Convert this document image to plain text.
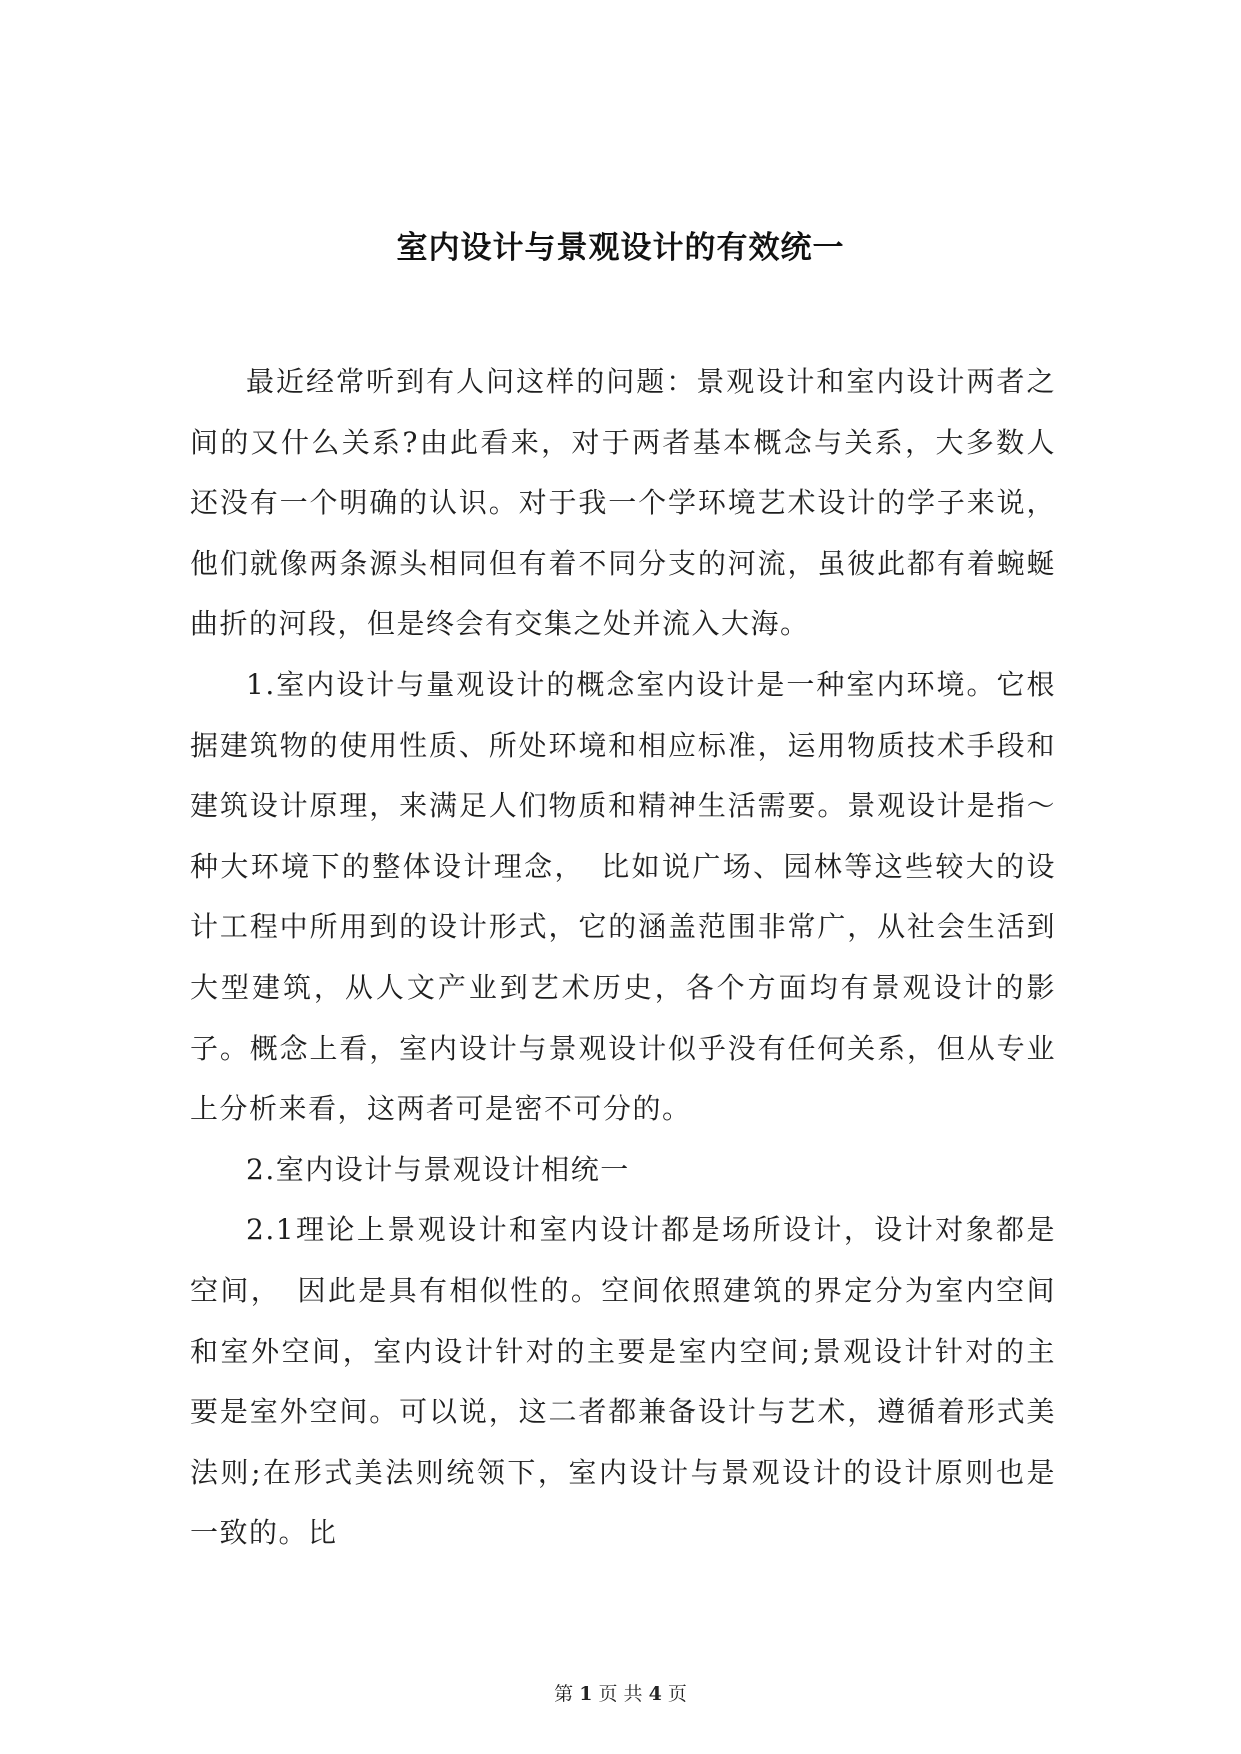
室内设计与景观设计的有效统一

最近经常听到有人问这样的问题：景观设计和室内设计两者之间的又什么关系?由此看来，对于两者基本概念与关系，大多数人还没有一个明确的认识。对于我一个学环境艺术设计的学子来说，他们就像两条源头相同但有着不同分支的河流，虽彼此都有着蜿蜒曲折的河段，但是终会有交集之处并流入大海。

1.室内设计与量观设计的概念室内设计是一种室内环境。它根据建筑物的使用性质、所处环境和相应标准，运用物质技术手段和建筑设计原理，来满足人们物质和精神生活需要。景观设计是指～种大环境下的整体设计理念，　比如说广场、园林等这些较大的设计工程中所用到的设计形式，它的涵盖范围非常广，从社会生活到大型建筑，从人文产业到艺术历史，各个方面均有景观设计的影子。概念上看，室内设计与景观设计似乎没有任何关系，但从专业上分析来看，这两者可是密不可分的。

2.室内设计与景观设计相统一

2.1理论上景观设计和室内设计都是场所设计，设计对象都是空间，　因此是具有相似性的。空间依照建筑的界定分为室内空间和室外空间，室内设计针对的主要是室内空间;景观设计针对的主要是室外空间。可以说，这二者都兼备设计与艺术，遵循着形式美法则;在形式美法则统领下，室内设计与景观设计的设计原则也是一致的。比

第 1 页 共 4 页
